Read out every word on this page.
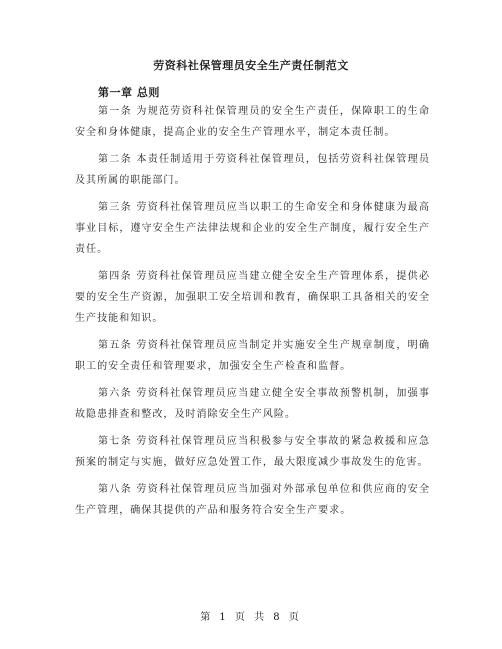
劳资科社保管理员安全生产责任制范文
第一章 总则

第一条 为规范劳资科社保管理员的安全生产责任，保障职工的生命安全和身体健康，提高企业的安全生产管理水平，制定本责任制。

第二条 本责任制适用于劳资科社保管理员，包括劳资科社保管理员及其所属的职能部门。

第三条 劳资科社保管理员应当以职工的生命安全和身体健康为最高事业目标，遵守安全生产法律法规和企业的安全生产制度，履行安全生产责任。

第四条 劳资科社保管理员应当建立健全安全生产管理体系，提供必要的安全生产资源，加强职工安全培训和教育，确保职工具备相关的安全生产技能和知识。

第五条 劳资科社保管理员应当制定并实施安全生产规章制度，明确职工的安全责任和管理要求，加强安全生产检查和监督。

第六条 劳资科社保管理员应当建立健全安全事故预警机制，加强事故隐患排查和整改，及时消除安全生产风险。

第七条 劳资科社保管理员应当积极参与安全事故的紧急救援和应急预案的制定与实施，做好应急处置工作，最大限度减少事故发生的危害。

第八条 劳资科社保管理员应当加强对外部承包单位和供应商的安全生产管理，确保其提供的产品和服务符合安全生产要求。

第 1 页 共 8 页
